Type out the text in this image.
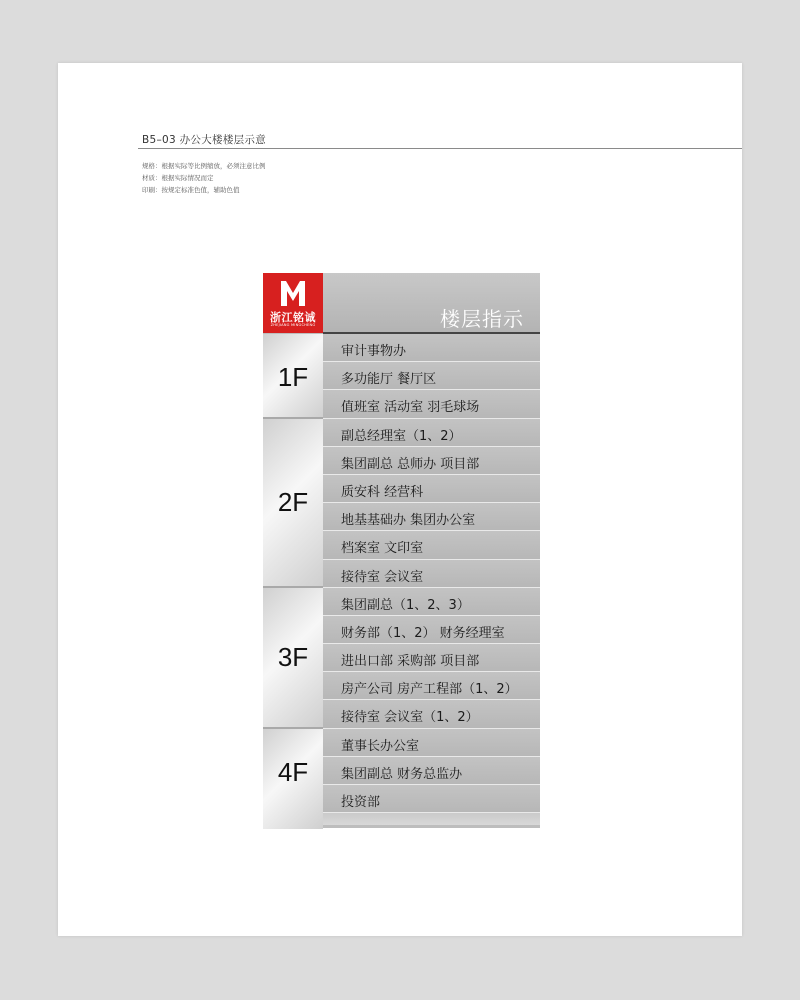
B5–03 办公大楼楼层示意
规格：根据实际等比例缩放，必须注意比例
材质：根据实际情况而定
印刷：按规定标准色值，辅助色值
浙江铭诚
ZHEJIANG MINGCHENG	楼层指示
1F
2F
3F
4F
审计事物办
多功能厅 餐厅区
值班室 活动室 羽毛球场
副总经理室（1、2）
集团副总 总师办 项目部
质安科 经营科
地基基础办 集团办公室
档案室 文印室
接待室 会议室
集团副总（1、2、3）
财务部（1、2） 财务经理室
进出口部 采购部 项目部
房产公司 房产工程部（1、2）
接待室 会议室（1、2）
董事长办公室
集团副总 财务总监办
投资部
